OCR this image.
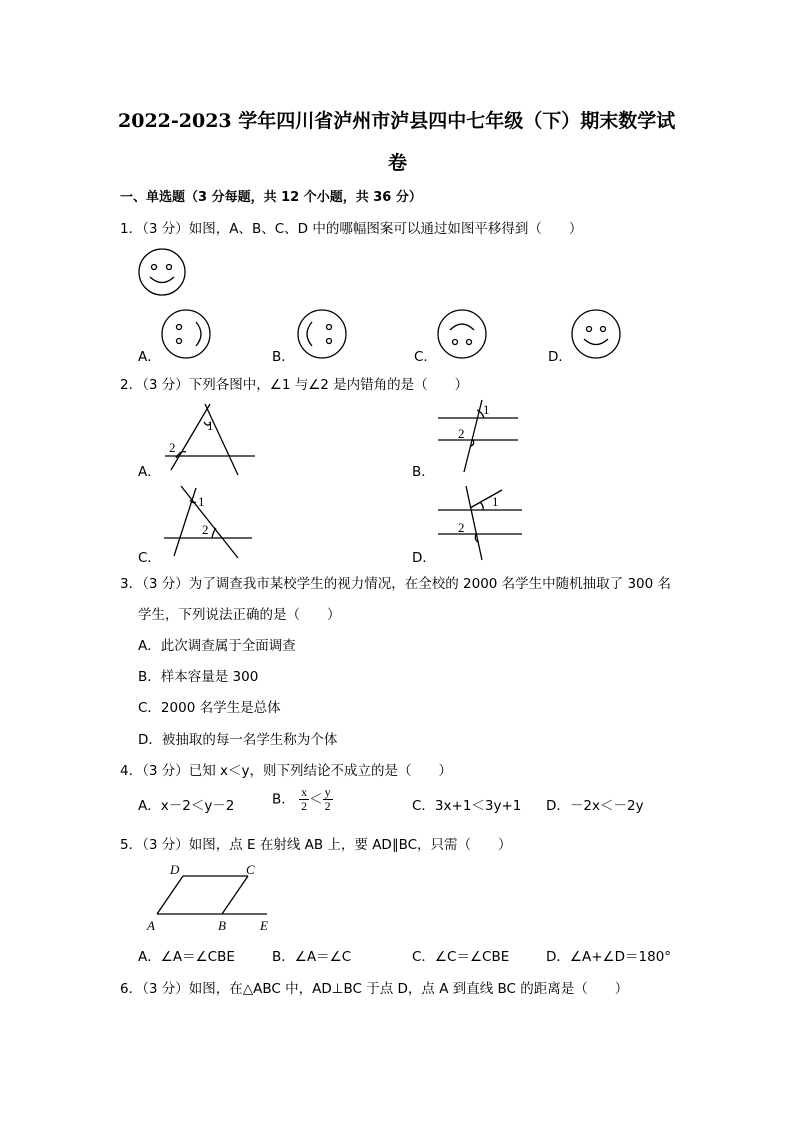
2022-2023 学年四川省泸州市泸县四中七年级（下）期末数学试
卷
一、单选题（3 分每题，共 12 个小题，共 36 分）
1．（3 分）如图，A、B、C、D 中的哪幅图案可以通过如图平移得到（　　）
A．	B．	C．	D．
2．（3 分）下列各图中，∠1 与∠2 是内错角的是（　　）
A．
1
2
B．
1
2
C．
1
2
D．
1
2
3．（3 分）为了调查我市某校学生的视力情况，在全校的 2000 名学生中随机抽取了 300 名
学生，下列说法正确的是（　　）
A．此次调查属于全面调查
B．样本容量是 300
C．2000 名学生是总体
D．被抽取的每一名学生称为个体
4．（3 分）已知 x＜y，则下列结论不成立的是（　　）
A．x－2＜y－2	B． $\frac{x}{2} < \frac{y}{2}$	C．3x+1＜3y+1 D．－2x＜－2y
5．（3 分）如图，点 E 在射线 AB 上，要 AD∥BC，只需（　　）
D	C
A	B	E
A．∠A＝∠CBE	B．∠A＝∠C	C．∠C＝∠CBE	D．∠A+∠D＝180°
6．（3 分）如图，在△ABC 中，AD⊥BC 于点 D，点 A 到直线 BC 的距离是（　　）
